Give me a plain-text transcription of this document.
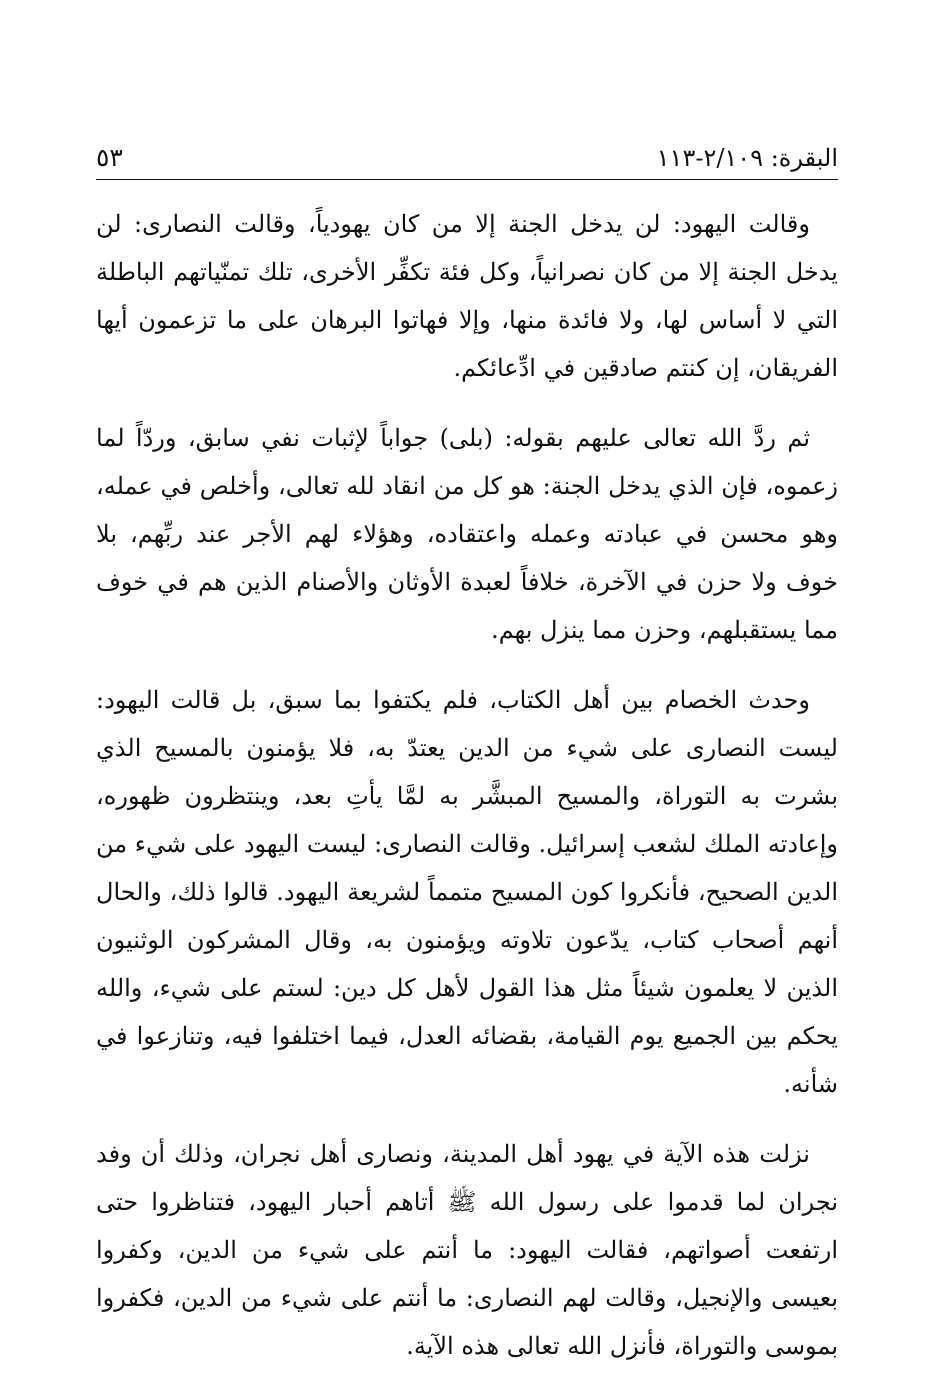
البقرة: ٢/١٠٩-١١٣
٥٣

وقالت اليهود: لن يدخل الجنة إلا من كان يهودياً، وقالت النصارى: لن يدخل الجنة إلا من كان نصرانياً، وكل فئة تكفِّر الأخرى، تلك تمنّياتهم الباطلة التي لا أساس لها، ولا فائدة منها، وإلا فهاتوا البرهان على ما تزعمون أيها الفريقان، إن كنتم صادقين في ادِّعائكم.

ثم ردَّ الله تعالى عليهم بقوله: (بلى) جواباً لإثبات نفي سابق، وردّاً لما زعموه، فإن الذي يدخل الجنة: هو كل من انقاد لله تعالى، وأخلص في عمله، وهو محسن في عبادته وعمله واعتقاده، وهؤلاء لهم الأجر عند ربِّهم، بلا خوف ولا حزن في الآخرة، خلافاً لعبدة الأوثان والأصنام الذين هم في خوف مما يستقبلهم، وحزن مما ينزل بهم.

وحدث الخصام بين أهل الكتاب، فلم يكتفوا بما سبق، بل قالت اليهود: ليست النصارى على شيء من الدين يعتدّ به، فلا يؤمنون بالمسيح الذي بشرت به التوراة، والمسيح المبشَّر به لمَّا يأتِ بعد، وينتظرون ظهوره، وإعادته الملك لشعب إسرائيل. وقالت النصارى: ليست اليهود على شيء من الدين الصحيح، فأنكروا كون المسيح متمماً لشريعة اليهود. قالوا ذلك، والحال أنهم أصحاب كتاب، يدّعون تلاوته ويؤمنون به، وقال المشركون الوثنيون الذين لا يعلمون شيئاً مثل هذا القول لأهل كل دين: لستم على شيء، والله يحكم بين الجميع يوم القيامة، بقضائه العدل، فيما اختلفوا فيه، وتنازعوا في شأنه.

نزلت هذه الآية في يهود أهل المدينة، ونصارى أهل نجران، وذلك أن وفد نجران لما قدموا على رسول الله ﷺ أتاهم أحبار اليهود، فتناظروا حتى ارتفعت أصواتهم، فقالت اليهود: ما أنتم على شيء من الدين، وكفروا بعيسى والإنجيل، وقالت لهم النصارى: ما أنتم على شيء من الدين، فكفروا بموسى والتوراة، فأنزل الله تعالى هذه الآية.
